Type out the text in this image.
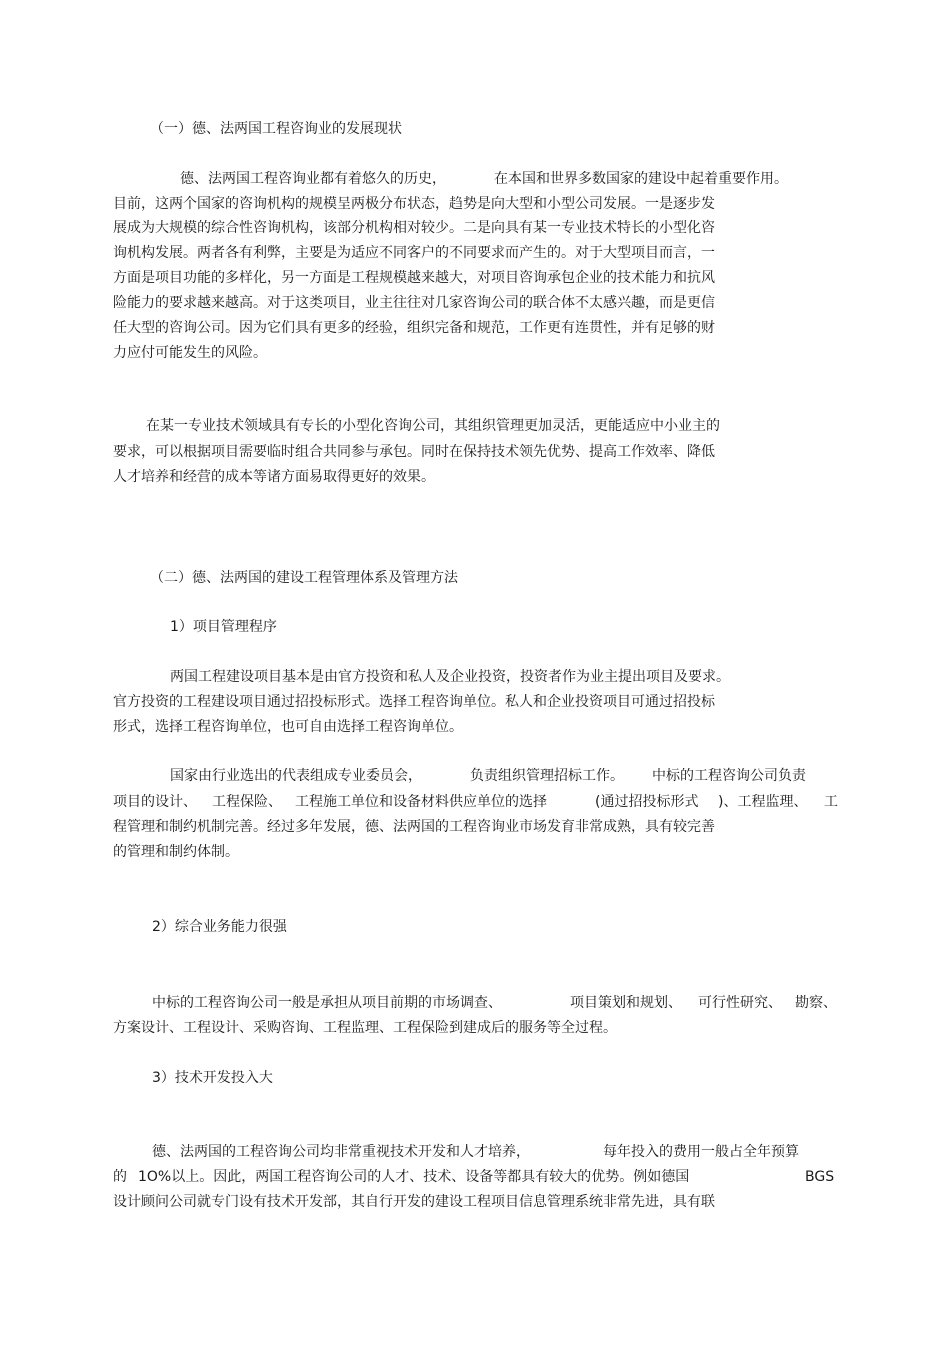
（一）德、法两国工程咨询业的发展现状
德、法两国工程咨询业都有着悠久的历史，	在本国和世界多数国家的建设中起着重要作用。
目前，这两个国家的咨询机构的规模呈两极分布状态，趋势是向大型和小型公司发展。一是逐步发
展成为大规模的综合性咨询机构，该部分机构相对较少。二是向具有某一专业技术特长的小型化咨
询机构发展。两者各有利弊，主要是为适应不同客户的不同要求而产生的。对于大型项目而言，一
方面是项目功能的多样化，另一方面是工程规模越来越大，对项目咨询承包企业的技术能力和抗风
险能力的要求越来越高。对于这类项目，业主往往对几家咨询公司的联合体不太感兴趣，而是更信
任大型的咨询公司。因为它们具有更多的经验，组织完备和规范，工作更有连贯性，并有足够的财
力应付可能发生的风险。
在某一专业技术领域具有专长的小型化咨询公司，其组织管理更加灵活，更能适应中小业主的
要求，可以根据项目需要临时组合共同参与承包。同时在保持技术领先优势、提高工作效率、降低
人才培养和经营的成本等诸方面易取得更好的效果。
（二）德、法两国的建设工程管理体系及管理方法
1）项目管理程序
两国工程建设项目基本是由官方投资和私人及企业投资，投资者作为业主提出项目及要求。
官方投资的工程建设项目通过招投标形式。选择工程咨询单位。私人和企业投资项目可通过招投标
形式，选择工程咨询单位，也可自由选择工程咨询单位。
国家由行业选出的代表组成专业委员会，	负责组织管理招标工作。 中标的工程咨询公司负责
项目的设计、 工程保险、 工程施工单位和设备材料供应单位的选择	(通过招投标形式 )、工程监理、 工
程管理和制约机制完善。经过多年发展，德、法两国的工程咨询业市场发育非常成熟，具有较完善
的管理和制约体制。
2）综合业务能力很强
中标的工程咨询公司一般是承担从项目前期的市场调查、	项目策划和规划、 可行性研究、 勘察、
方案设计、工程设计、采购咨询、工程监理、工程保险到建成后的服务等全过程。
3）技术开发投入大
德、法两国的工程咨询公司均非常重视技术开发和人才培养，	每年投入的费用一般占全年预算
的 1O%以上。因此，两国工程咨询公司的人才、技术、设备等都具有较大的优势。例如德国	BGS
设计顾问公司就专门设有技术开发部，其自行开发的建设工程项目信息管理系统非常先进，具有联
